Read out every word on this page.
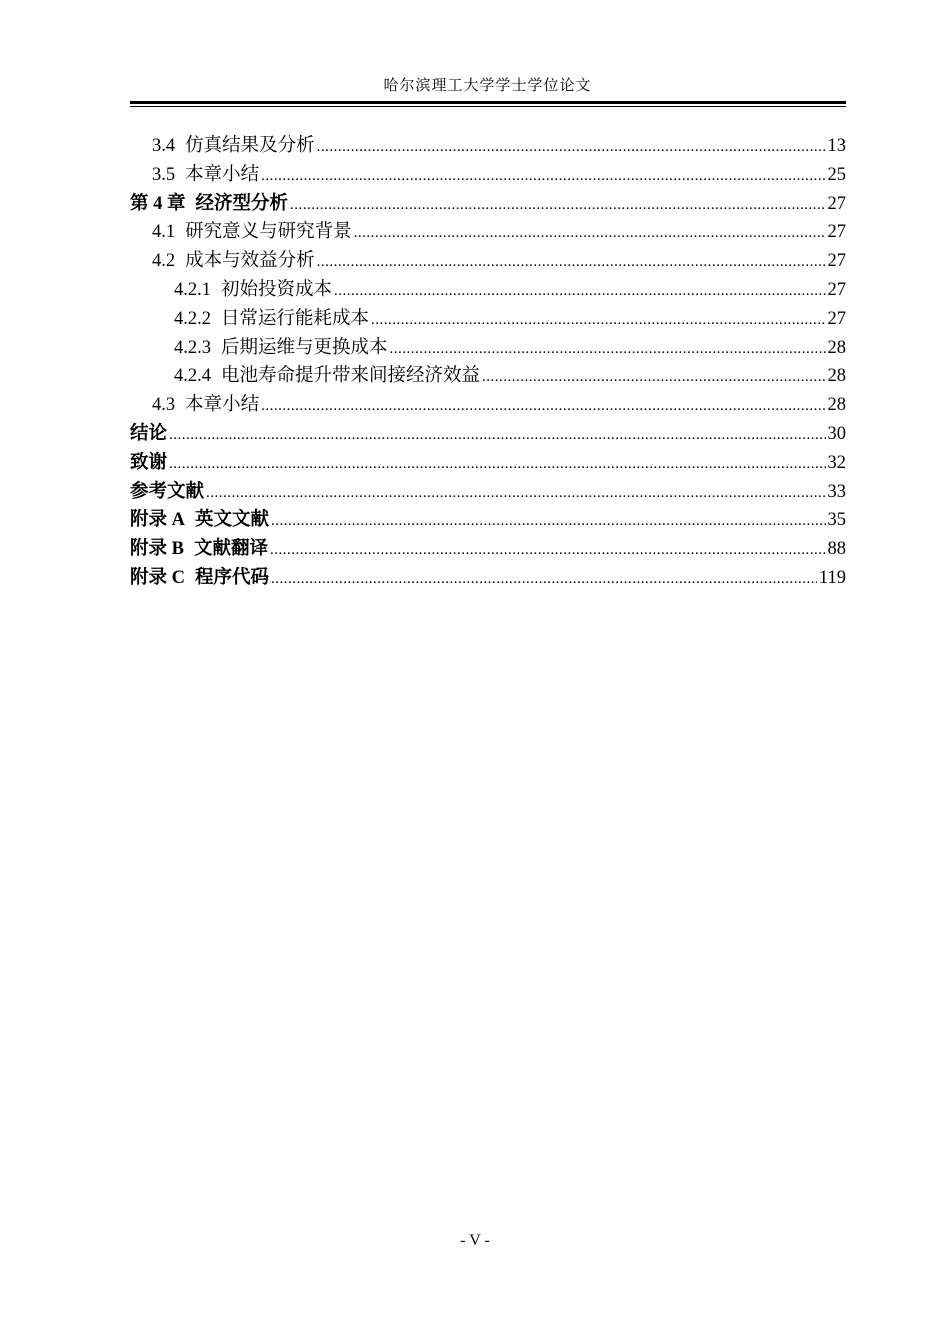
哈尔滨理工大学学士学位论文
3.4 仿真结果及分析 .....	13
3.5 本章小结 .....	25
第 4 章 经济型分析 .....	27
4.1 研究意义与研究背景 .....	27
4.2 成本与效益分析 .....	27
4.2.1 初始投资成本 .....	27
4.2.2 日常运行能耗成本 .....	27
4.2.3 后期运维与更换成本 .....	28
4.2.4 电池寿命提升带来间接经济效益 .....	28
4.3 本章小结 .....	28
结论 .....	30
致谢 .....	32
参考文献 .....	33
附录 A 英文文献 .....	35
附录 B 文献翻译 .....	88
附录 C 程序代码 .....	119
- V -
